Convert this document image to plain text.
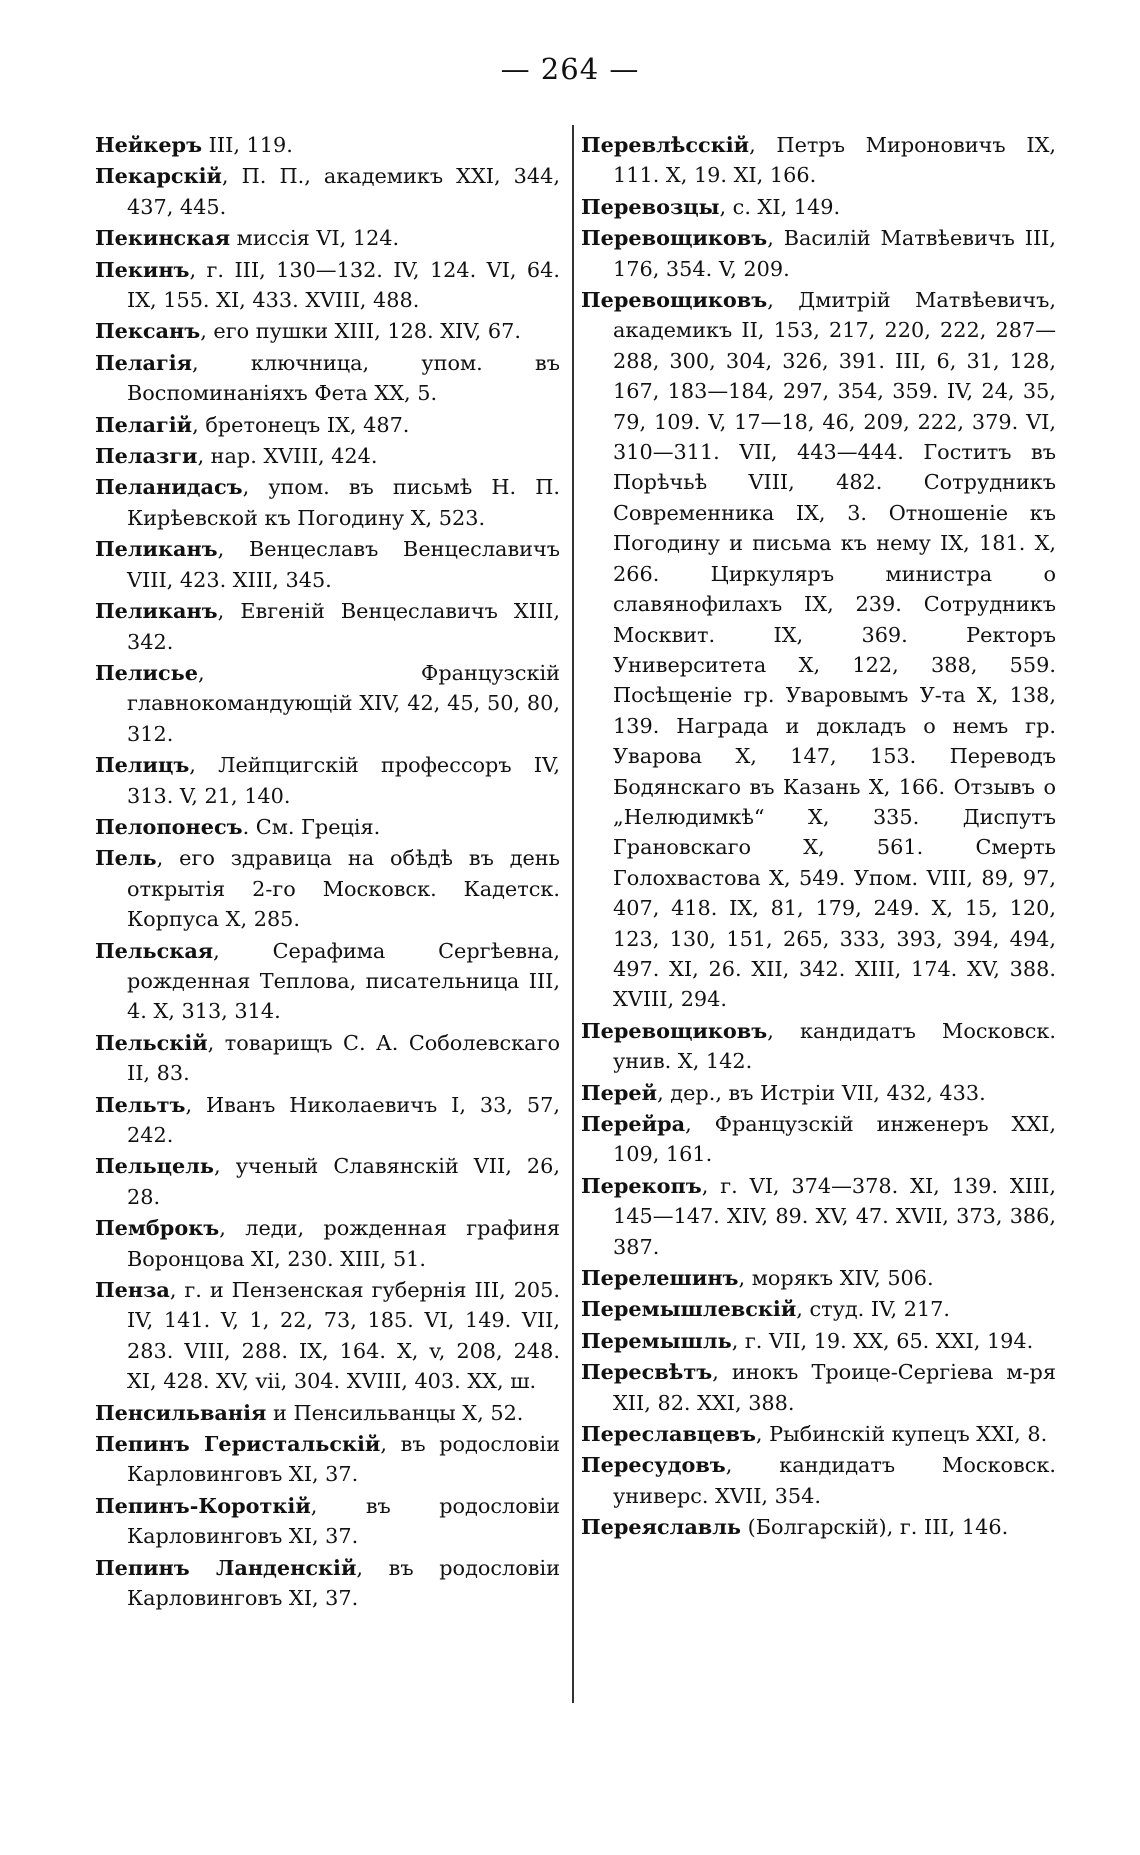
— 264 —

Нейкеръ III, 119.

Пекарскій, П. П., академикъ XXI, 344, 437, 445.

Пекинская миссія VI, 124.

Пекинъ, г. III, 130—132. IV, 124. VI, 64. IX, 155. XI, 433. XVIII, 488.

Пексанъ, его пушки XIII, 128. XIV, 67.

Пелагія, ключница, упом. въ Воспоминаніяхъ Фета XX, 5.

Пелагій, бретонецъ IX, 487.

Пелазги, нар. XVIII, 424.

Пеланидасъ, упом. въ письмѣ Н. П. Кирѣевской къ Погодину X, 523.

Пеликанъ, Венцеславъ Венцеславичъ VIII, 423. XIII, 345.

Пеликанъ, Евгеній Венцеславичъ XIII, 342.

Пелисье, Французскій главнокомандующій XIV, 42, 45, 50, 80, 312.

Пелицъ, Лейпцигскій профессоръ IV, 313. V, 21, 140.

Пелопонесъ. См. Греція.

Пель, его здравица на обѣдѣ въ день открытія 2-го Московск. Кадетск. Корпуса X, 285.

Пельская, Серафима Сергѣевна, рожденная Теплова, писательница III, 4. X, 313, 314.

Пельскій, товарищъ С. А. Соболевскаго II, 83.

Пельтъ, Иванъ Николаевичъ I, 33, 57, 242.

Пельцель, ученый Славянскій VII, 26, 28.

Пемброкъ, леди, рожденная графиня Воронцова XI, 230. XIII, 51.

Пенза, г. и Пензенская губернія III, 205. IV, 141. V, 1, 22, 73, 185. VI, 149. VII, 283. VIII, 288. IX, 164. X, v, 208, 248. XI, 428. XV, vii, 304. XVIII, 403. XX, ш.

Пенсильванія и Пенсильванцы X, 52.

Пепинъ Геристальскій, въ родословіи Карловинговъ XI, 37.

Пепинъ-Короткій, въ родословіи Карловинговъ XI, 37.

Пепинъ Ланденскій, въ родословіи Карловинговъ XI, 37.

Перевлѣсскій, Петръ Мироновичъ IX, 111. X, 19. XI, 166.

Перевозцы, с. XI, 149.

Перевощиковъ, Василій Матвѣевичъ III, 176, 354. V, 209.

Перевощиковъ, Дмитрій Матвѣевичъ, академикъ II, 153, 217, 220, 222, 287—288, 300, 304, 326, 391. III, 6, 31, 128, 167, 183—184, 297, 354, 359. IV, 24, 35, 79, 109. V, 17—18, 46, 209, 222, 379. VI, 310—311. VII, 443—444. Гоститъ въ Порѣчьѣ VIII, 482. Сотрудникъ Современника IX, 3. Отношеніе къ Погодину и письма къ нему IX, 181. X, 266. Циркуляръ министра о славянофилахъ IX, 239. Сотрудникъ Москвит. IX, 369. Ректоръ Университета X, 122, 388, 559. Посѣщеніе гр. Уваровымъ У-та X, 138, 139. Награда и докладъ о немъ гр. Уварова X, 147, 153. Переводъ Бодянскаго въ Казань X, 166. Отзывъ о „Нелюдимкѣ“ X, 335. Диспутъ Грановскаго X, 561. Смерть Голохвастова X, 549. Упом. VIII, 89, 97, 407, 418. IX, 81, 179, 249. X, 15, 120, 123, 130, 151, 265, 333, 393, 394, 494, 497. XI, 26. XII, 342. XIII, 174. XV, 388. XVIII, 294.

Перевощиковъ, кандидатъ Московск. унив. X, 142.

Перей, дер., въ Истріи VII, 432, 433.

Перейра, Французскій инженеръ XXI, 109, 161.

Перекопъ, г. VI, 374—378. XI, 139. XIII, 145—147. XIV, 89. XV, 47. XVII, 373, 386, 387.

Перелешинъ, морякъ XIV, 506.

Перемышлевскій, студ. IV, 217.

Перемышль, г. VII, 19. XX, 65. XXI, 194.

Пересвѣтъ, инокъ Троице-Сергіева м-ря XII, 82. XXI, 388.

Переславцевъ, Рыбинскій купецъ XXI, 8.

Пересудовъ, кандидатъ Московск. универс. XVII, 354.

Переяславль (Болгарскій), г. III, 146.
